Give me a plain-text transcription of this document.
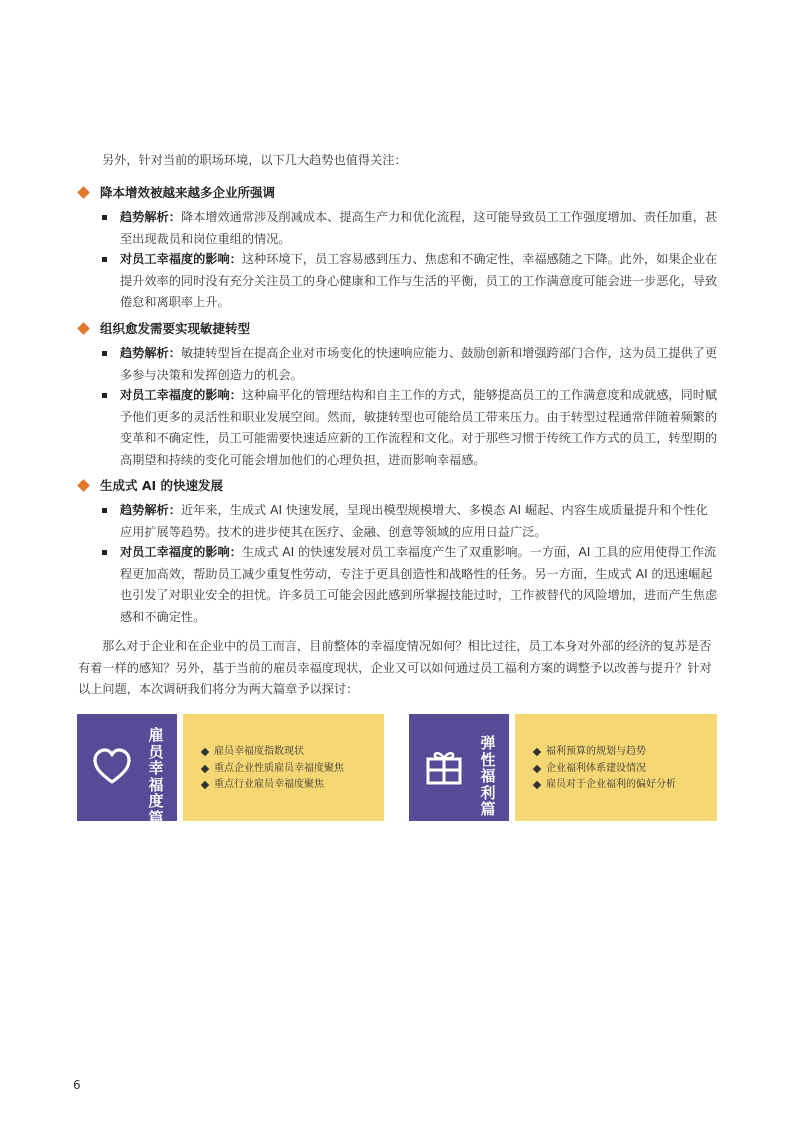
另外，针对当前的职场环境，以下几大趋势也值得关注：

降本增效被越来越多企业所强调
趋势解析：降本增效通常涉及削减成本、提高生产力和优化流程，这可能导致员工工作强度增加、责任加重，甚至出现裁员和岗位重组的情况。
对员工幸福度的影响：这种环境下，员工容易感到压力、焦虑和不确定性，幸福感随之下降。此外，如果企业在提升效率的同时没有充分关注员工的身心健康和工作与生活的平衡，员工的工作满意度可能会进一步恶化，导致倦怠和离职率上升。
组织愈发需要实现敏捷转型
趋势解析：敏捷转型旨在提高企业对市场变化的快速响应能力、鼓励创新和增强跨部门合作，这为员工提供了更多参与决策和发挥创造力的机会。
对员工幸福度的影响：这种扁平化的管理结构和自主工作的方式，能够提高员工的工作满意度和成就感，同时赋予他们更多的灵活性和职业发展空间。然而，敏捷转型也可能给员工带来压力。由于转型过程通常伴随着频繁的变革和不确定性，员工可能需要快速适应新的工作流程和文化。对于那些习惯于传统工作方式的员工，转型期的高期望和持续的变化可能会增加他们的心理负担，进而影响幸福感。
生成式 AI 的快速发展
趋势解析：近年来，生成式 AI 快速发展，呈现出模型规模增大、多模态 AI 崛起、内容生成质量提升和个性化应用扩展等趋势。技术的进步使其在医疗、金融、创意等领域的应用日益广泛。
对员工幸福度的影响：生成式 AI 的快速发展对员工幸福度产生了双重影响。一方面，AI 工具的应用使得工作流程更加高效，帮助员工减少重复性劳动，专注于更具创造性和战略性的任务。另一方面，生成式 AI 的迅速崛起也引发了对职业安全的担忧。许多员工可能会因此感到所掌握技能过时，工作被替代的风险增加，进而产生焦虑感和不确定性。

那么对于企业和在企业中的员工而言，目前整体的幸福度情况如何？相比过往，员工本身对外部的经济的复苏是否有着一样的感知？另外，基于当前的雇员幸福度现状，企业又可以如何通过员工福利方案的调整予以改善与提升？针对以上问题，本次调研我们将分为两大篇章予以探讨：

雇
员
幸
福
度
篇
雇员幸福度指数现状
重点企业性质雇员幸福度聚焦
重点行业雇员幸福度聚焦
弹
性
福
利
篇
福利预算的规划与趋势
企业福利体系建设情况
雇员对于企业福利的偏好分析
6
